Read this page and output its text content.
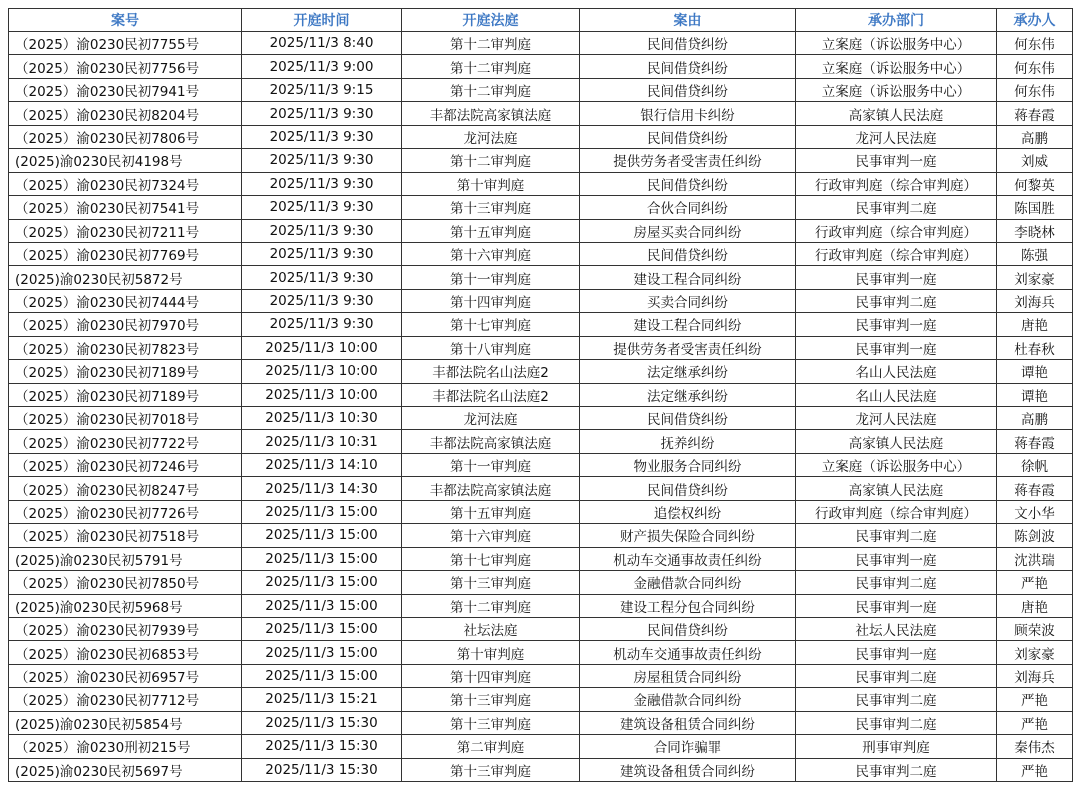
案号	开庭时间	开庭法庭	案由	承办部门	承办人
（2025）渝0230民初7755号	2025/11/3 8:40	第十二审判庭	民间借贷纠纷	立案庭（诉讼服务中心）	何东伟
（2025）渝0230民初7756号	2025/11/3 9:00	第十二审判庭	民间借贷纠纷	立案庭（诉讼服务中心）	何东伟
（2025）渝0230民初7941号	2025/11/3 9:15	第十二审判庭	民间借贷纠纷	立案庭（诉讼服务中心）	何东伟
（2025）渝0230民初8204号	2025/11/3 9:30	丰都法院高家镇法庭	银行信用卡纠纷	高家镇人民法庭	蒋春霞
（2025）渝0230民初7806号	2025/11/3 9:30	龙河法庭	民间借贷纠纷	龙河人民法庭	高鹏
(2025)渝0230民初4198号	2025/11/3 9:30	第十二审判庭	提供劳务者受害责任纠纷	民事审判一庭	刘威
（2025）渝0230民初7324号	2025/11/3 9:30	第十审判庭	民间借贷纠纷	行政审判庭（综合审判庭）	何黎英
（2025）渝0230民初7541号	2025/11/3 9:30	第十三审判庭	合伙合同纠纷	民事审判二庭	陈国胜
（2025）渝0230民初7211号	2025/11/3 9:30	第十五审判庭	房屋买卖合同纠纷	行政审判庭（综合审判庭）	李晓林
（2025）渝0230民初7769号	2025/11/3 9:30	第十六审判庭	民间借贷纠纷	行政审判庭（综合审判庭）	陈强
(2025)渝0230民初5872号	2025/11/3 9:30	第十一审判庭	建设工程合同纠纷	民事审判一庭	刘家豪
（2025）渝0230民初7444号	2025/11/3 9:30	第十四审判庭	买卖合同纠纷	民事审判二庭	刘海兵
（2025）渝0230民初7970号	2025/11/3 9:30	第十七审判庭	建设工程合同纠纷	民事审判一庭	唐艳
（2025）渝0230民初7823号	2025/11/3 10:00	第十八审判庭	提供劳务者受害责任纠纷	民事审判一庭	杜春秋
（2025）渝0230民初7189号	2025/11/3 10:00	丰都法院名山法庭2	法定继承纠纷	名山人民法庭	谭艳
（2025）渝0230民初7189号	2025/11/3 10:00	丰都法院名山法庭2	法定继承纠纷	名山人民法庭	谭艳
（2025）渝0230民初7018号	2025/11/3 10:30	龙河法庭	民间借贷纠纷	龙河人民法庭	高鹏
（2025）渝0230民初7722号	2025/11/3 10:31	丰都法院高家镇法庭	抚养纠纷	高家镇人民法庭	蒋春霞
（2025）渝0230民初7246号	2025/11/3 14:10	第十一审判庭	物业服务合同纠纷	立案庭（诉讼服务中心）	徐帆
（2025）渝0230民初8247号	2025/11/3 14:30	丰都法院高家镇法庭	民间借贷纠纷	高家镇人民法庭	蒋春霞
（2025）渝0230民初7726号	2025/11/3 15:00	第十五审判庭	追偿权纠纷	行政审判庭（综合审判庭）	文小华
（2025）渝0230民初7518号	2025/11/3 15:00	第十六审判庭	财产损失保险合同纠纷	民事审判二庭	陈剑波
(2025)渝0230民初5791号	2025/11/3 15:00	第十七审判庭	机动车交通事故责任纠纷	民事审判一庭	沈洪瑞
（2025）渝0230民初7850号	2025/11/3 15:00	第十三审判庭	金融借款合同纠纷	民事审判二庭	严艳
(2025)渝0230民初5968号	2025/11/3 15:00	第十二审判庭	建设工程分包合同纠纷	民事审判一庭	唐艳
（2025）渝0230民初7939号	2025/11/3 15:00	社坛法庭	民间借贷纠纷	社坛人民法庭	顾荣波
（2025）渝0230民初6853号	2025/11/3 15:00	第十审判庭	机动车交通事故责任纠纷	民事审判一庭	刘家豪
（2025）渝0230民初6957号	2025/11/3 15:00	第十四审判庭	房屋租赁合同纠纷	民事审判二庭	刘海兵
（2025）渝0230民初7712号	2025/11/3 15:21	第十三审判庭	金融借款合同纠纷	民事审判二庭	严艳
(2025)渝0230民初5854号	2025/11/3 15:30	第十三审判庭	建筑设备租赁合同纠纷	民事审判二庭	严艳
（2025）渝0230刑初215号	2025/11/3 15:30	第二审判庭	合同诈骗罪	刑事审判庭	秦伟杰
(2025)渝0230民初5697号	2025/11/3 15:30	第十三审判庭	建筑设备租赁合同纠纷	民事审判二庭	严艳
